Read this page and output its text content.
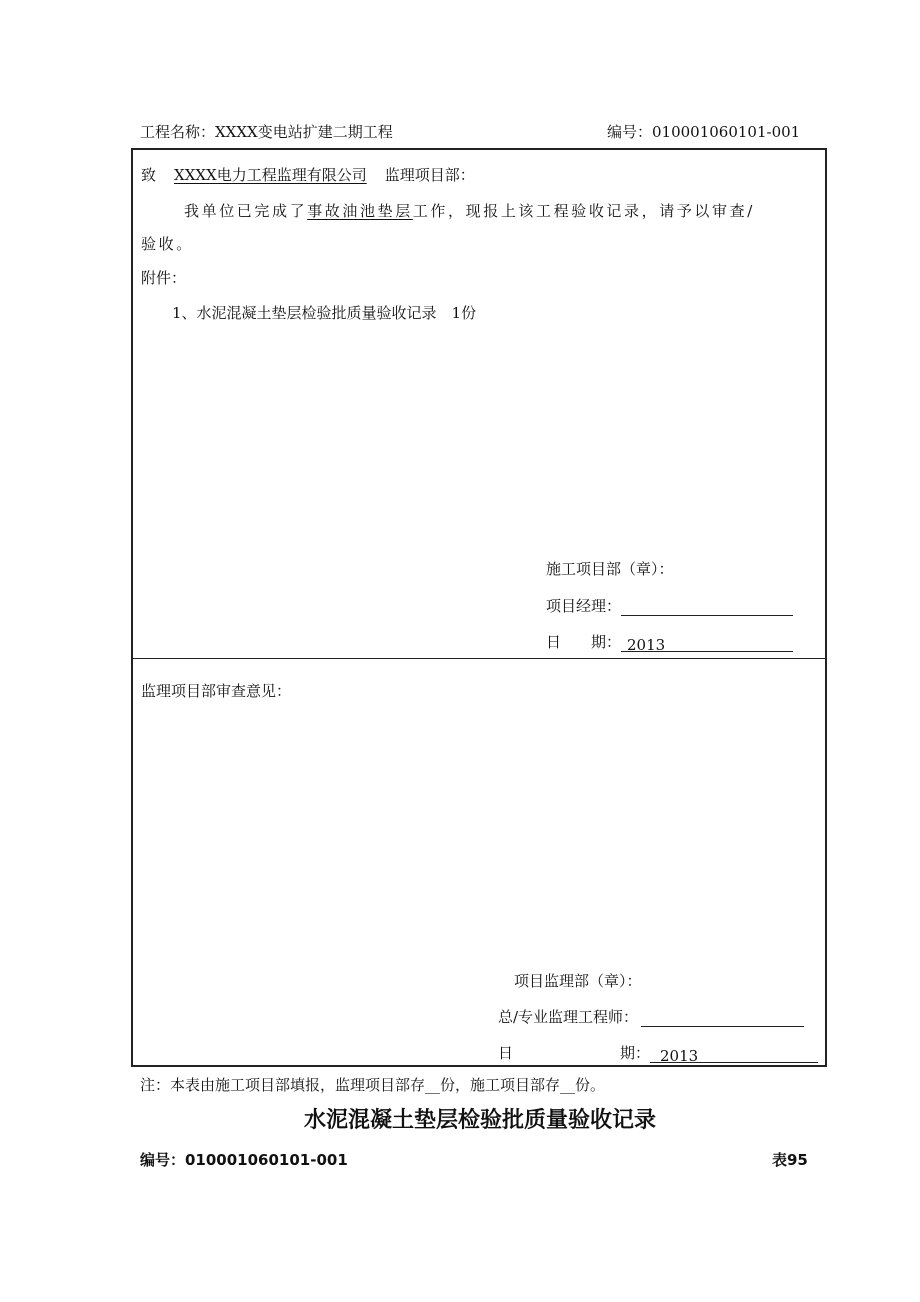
工程名称：XXXX变电站扩建二期工程	编号：010001060101-001
致 XXXX电力工程监理有限公司 监理项目部：
我单位已完成了事故油池垫层工作，现报上该工程验收记录，请予以审查/
验收。
附件：
1、水泥混凝土垫层检验批质量验收记录　1份
施工项目部（章）：
项目经理：
日　　期： 2013
监理项目部审查意见：
项目监理部（章）：
总/专业监理工程师：
日	期： 2013
注：本表由施工项目部填报，监理项目部存__份，施工项目部存__份。
水泥混凝土垫层检验批质量验收记录
编号：010001060101-001	表95
